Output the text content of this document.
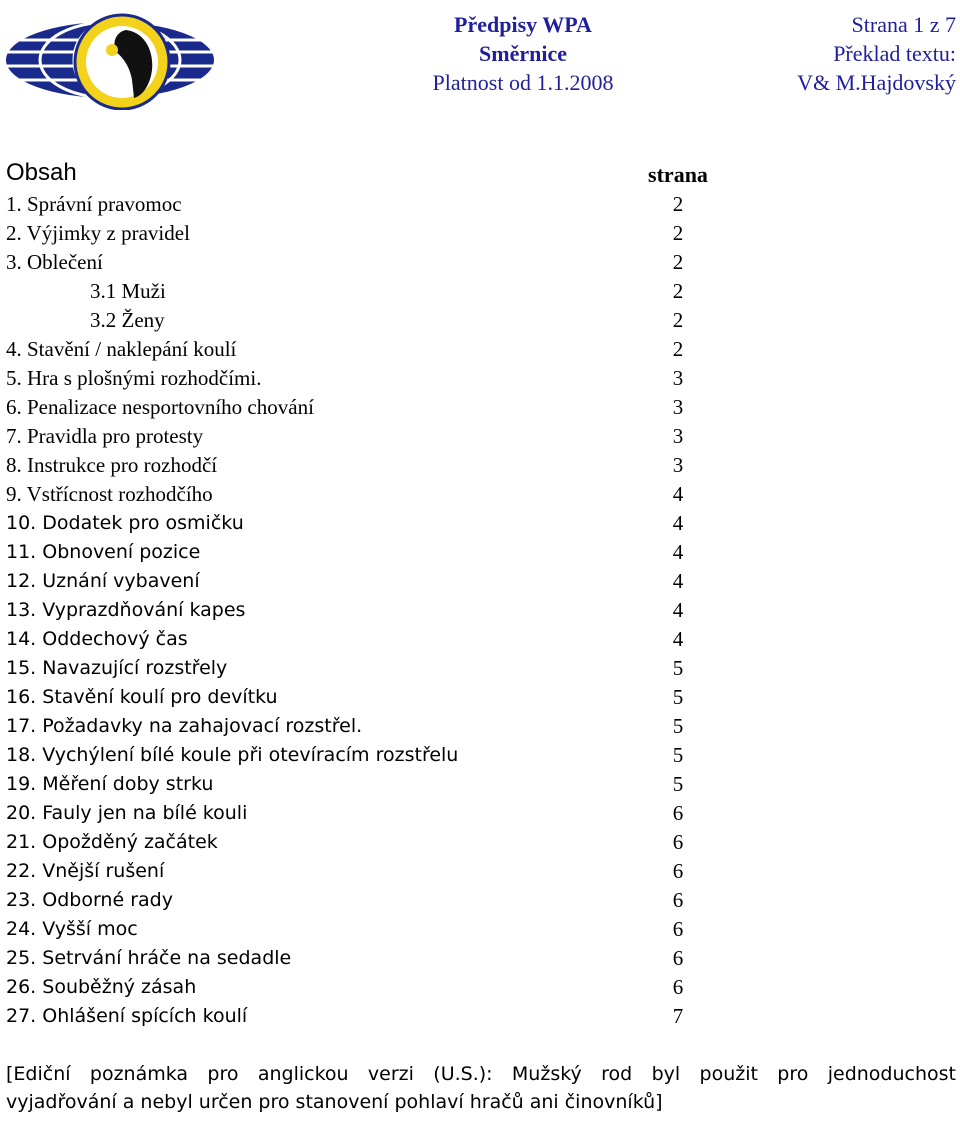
Předpisy WPA
Směrnice
Platnost od 1.1.2008
Strana 1 z 7
Překlad textu:
V& M.Hajdovský
Obsah	strana
1. Správní pravomoc	2
2. Výjimky z pravidel	2
3. Oblečení	2
3.1 Muži	2
3.2 Ženy	2
4. Stavění / naklepání koulí	2
5. Hra s plošnými rozhodčími.	3
6. Penalizace nesportovního chování	3
7. Pravidla pro protesty	3
8. Instrukce pro rozhodčí	3
9. Vstřícnost rozhodčího	4
10. Dodatek pro osmičku	4
11. Obnovení pozice	4
12. Uznání vybavení	4
13. Vyprazdňování kapes	4
14. Oddechový čas	4
15. Navazující rozstřely	5
16. Stavění koulí pro devítku	5
17. Požadavky na zahajovací rozstřel.	5
18. Vychýlení bílé koule při otevíracím rozstřelu	5
19. Měření doby strku	5
20. Fauly jen na bílé kouli	6
21. Opožděný začátek	6
22. Vnější rušení	6
23. Odborné rady	6
24. Vyšší moc	6
25. Setrvání hráče na sedadle	6
26. Souběžný zásah	6
27. Ohlášení spících koulí	7
[Ediční poznámka pro anglickou verzi (U.S.): Mužský rod byl použit pro jednoduchost
vyjadřování a nebyl určen pro stanovení pohlaví hračů ani činovníků]
